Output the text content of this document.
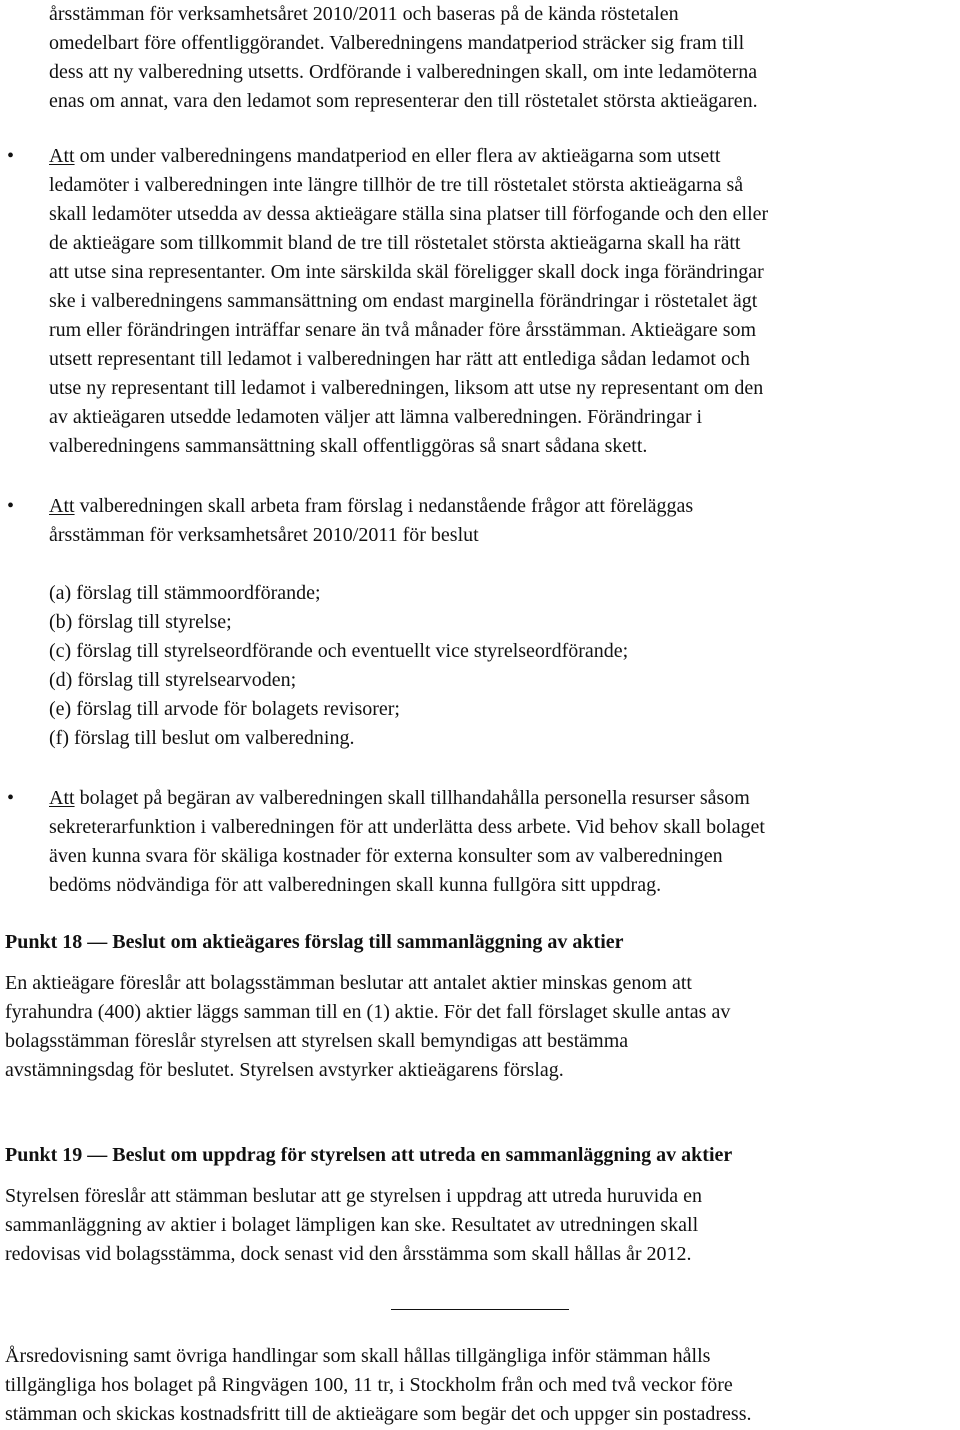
årsstämman för verksamhetsåret 2010/2011 och baseras på de kända röstetalen
omedelbart före offentliggörandet. Valberedningens mandatperiod sträcker sig fram till
dess att ny valberedning utsetts. Ordförande i valberedningen skall, om inte ledamöterna
enas om annat, vara den ledamot som representerar den till röstetalet största aktieägaren.
• Att om under valberedningens mandatperiod en eller flera av aktieägarna som utsett
ledamöter i valberedningen inte längre tillhör de tre till röstetalet största aktieägarna så
skall ledamöter utsedda av dessa aktieägare ställa sina platser till förfogande och den eller
de aktieägare som tillkommit bland de tre till röstetalet största aktieägarna skall ha rätt
att utse sina representanter. Om inte särskilda skäl föreligger skall dock inga förändringar
ske i valberedningens sammansättning om endast marginella förändringar i röstetalet ägt
rum eller förändringen inträffar senare än två månader före årsstämman. Aktieägare som
utsett representant till ledamot i valberedningen har rätt att entlediga sådan ledamot och
utse ny representant till ledamot i valberedningen, liksom att utse ny representant om den
av aktieägaren utsedde ledamoten väljer att lämna valberedningen. Förändringar i
valberedningens sammansättning skall offentliggöras så snart sådana skett.
• Att valberedningen skall arbeta fram förslag i nedanstående frågor att föreläggas
årsstämman för verksamhetsåret 2010/2011 för beslut
(a) förslag till stämmoordförande;
(b) förslag till styrelse;
(c) förslag till styrelseordförande och eventuellt vice styrelseordförande;
(d) förslag till styrelsearvoden;
(e) förslag till arvode för bolagets revisorer;
(f) förslag till beslut om valberedning.
• Att bolaget på begäran av valberedningen skall tillhandahålla personella resurser såsom
sekreterarfunktion i valberedningen för att underlätta dess arbete. Vid behov skall bolaget
även kunna svara för skäliga kostnader för externa konsulter som av valberedningen
bedöms nödvändiga för att valberedningen skall kunna fullgöra sitt uppdrag.
Punkt 18 — Beslut om aktieägares förslag till sammanläggning av aktier
En aktieägare föreslår att bolagsstämman beslutar att antalet aktier minskas genom att
fyrahundra (400) aktier läggs samman till en (1) aktie. För det fall förslaget skulle antas av
bolagsstämman föreslår styrelsen att styrelsen skall bemyndigas att bestämma
avstämningsdag för beslutet. Styrelsen avstyrker aktieägarens förslag.
Punkt 19 — Beslut om uppdrag för styrelsen att utreda en sammanläggning av aktier
Styrelsen föreslår att stämman beslutar att ge styrelsen i uppdrag att utreda huruvida en
sammanläggning av aktier i bolaget lämpligen kan ske. Resultatet av utredningen skall
redovisas vid bolagsstämma, dock senast vid den årsstämma som skall hållas år 2012.
Årsredovisning samt övriga handlingar som skall hållas tillgängliga inför stämman hålls
tillgängliga hos bolaget på Ringvägen 100, 11 tr, i Stockholm från och med två veckor före
stämman och skickas kostnadsfritt till de aktieägare som begär det och uppger sin postadress.
